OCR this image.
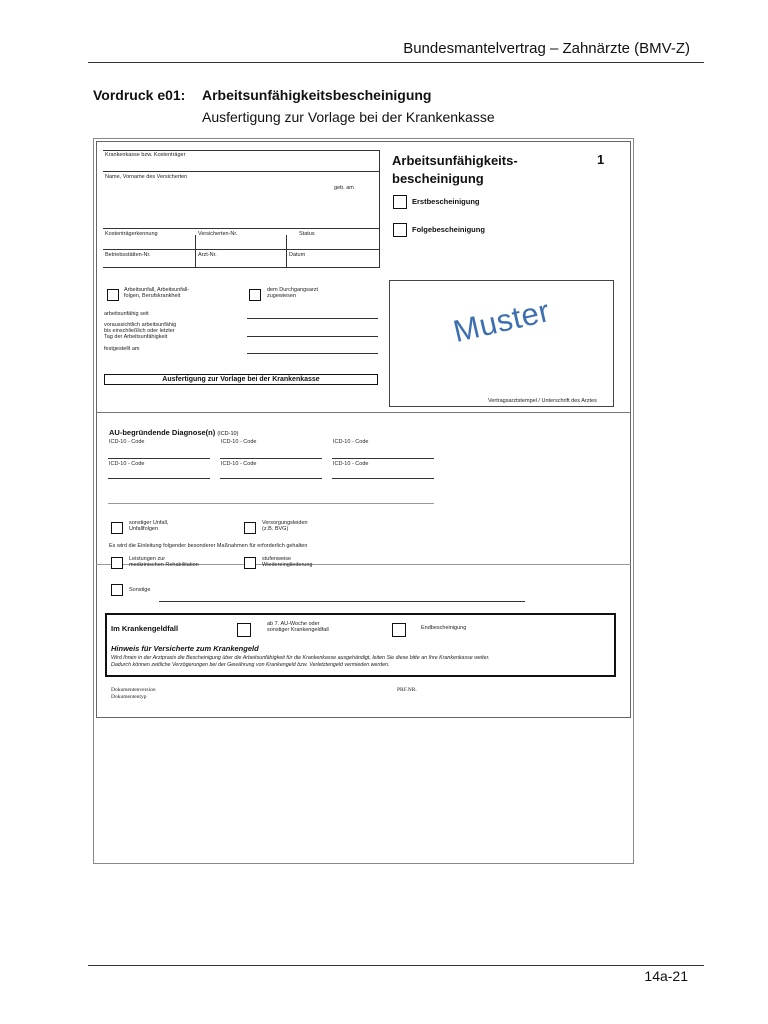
Bundesmantelvertrag – Zahnärzte (BMV-Z)
Vordruck e01: Arbeitsunfähigkeitsbescheinigung
Ausfertigung zur Vorlage bei der Krankenkasse
Krankenkasse bzw. Kostenträger
Name, Vorname des Versicherten
geb. am
Kostenträgerkennung	Versicherten-Nr.	Status
Betriebsstätten-Nr.	Arzt-Nr.	Datum
Arbeitsunfähigkeits-
bescheinigung
1
Erstbescheinigung
Folgebescheinigung
Arbeitsunfall, Arbeitsunfall-
folgen, Berufskrankheit
dem Durchgangsarzt
zugewiesen
arbeitsunfähig seit
voraussichtlich arbeitsunfähig
bis einschließlich oder letzter
Tag der Arbeitsunfähigkeit
festgestellt am
Ausfertigung zur Vorlage bei der Krankenkasse
Muster
Vertragsarztstempel / Unterschrift des Arztes
AU-begründende Diagnose(n) (ICD-10)
ICD-10 - Code	ICD-10 - Code	ICD-10 - Code
ICD-10 - Code	ICD-10 - Code	ICD-10 - Code
sonstiger Unfall,
Unfallfolgen
Versorgungsleiden
(z.B. BVG)
Es wird die Einleitung folgender besonderer Maßnahmen für erforderlich gehalten
Leistungen zur
medizinischen Rehabilitation
stufenweise
Wiedereingliederung
Sonstige
Im Krankengeldfall	ab 7. AU-Woche oder
sonstiger Krankengeldfall	Endbescheinigung
Hinweis für Versicherte zum Krankengeld
Wird Ihnen in der Arztpraxis die Bescheinigung über die Arbeitsunfähigkeit für die Krankenkasse ausgehändigt, leiten Sie diese bitte an Ihre Krankenkasse weiter.
Dadurch können zeitliche Verzögerungen bei der Gewährung von Krankengeld bzw. Verletztengeld vermieden werden.
Dokumentenversion
Dokumententyp
PRF.NR.
14a-21
